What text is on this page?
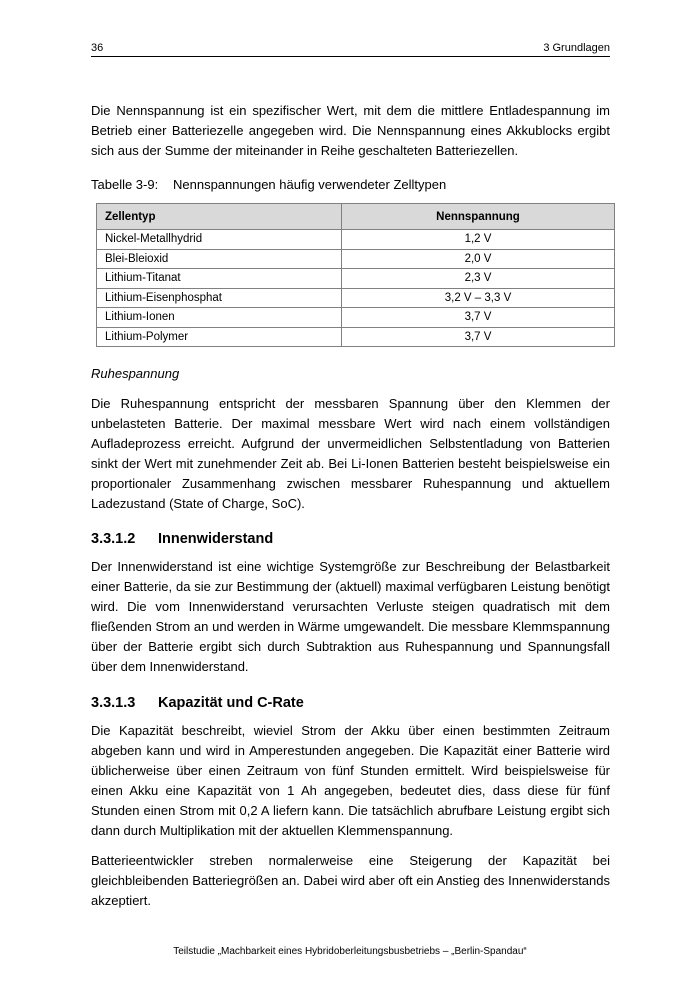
36	3 Grundlagen

Die Nennspannung ist ein spezifischer Wert, mit dem die mittlere Entladespannung im Betrieb einer Batteriezelle angegeben wird. Die Nennspannung eines Akkublocks ergibt sich aus der Summe der miteinander in Reihe geschalteten Batteriezellen.

Tabelle 3-9: Nennspannungen häufig verwendeter Zelltypen
Zellentyp	Nennspannung
Nickel-Metallhydrid	1,2 V
Blei-Bleioxid	2,0 V
Lithium-Titanat	2,3 V
Lithium-Eisenphosphat	3,2 V – 3,3 V
Lithium-Ionen	3,7 V
Lithium-Polymer	3,7 V
Ruhespannung

Die Ruhespannung entspricht der messbaren Spannung über den Klemmen der unbelasteten Batterie. Der maximal messbare Wert wird nach einem vollständigen Aufladeprozess erreicht. Aufgrund der unvermeidlichen Selbstentladung von Batterien sinkt der Wert mit zunehmender Zeit ab. Bei Li-Ionen Batterien besteht beispielsweise ein proportionaler Zusammenhang zwischen messbarer Ruhespannung und aktuellem Ladezustand (State of Charge, SoC).

3.3.1.2	Innenwiderstand

Der Innenwiderstand ist eine wichtige Systemgröße zur Beschreibung der Belastbarkeit einer Batterie, da sie zur Bestimmung der (aktuell) maximal verfügbaren Leistung benötigt wird. Die vom Innenwiderstand verursachten Verluste steigen quadratisch mit dem fließenden Strom an und werden in Wärme umgewandelt. Die messbare Klemmspannung über der Batterie ergibt sich durch Subtraktion aus Ruhespannung und Spannungsfall über dem Innenwiderstand.

3.3.1.3	Kapazität und C-Rate

Die Kapazität beschreibt, wieviel Strom der Akku über einen bestimmten Zeitraum abgeben kann und wird in Amperestunden angegeben. Die Kapazität einer Batterie wird üblicherweise über einen Zeitraum von fünf Stunden ermittelt. Wird beispielsweise für einen Akku eine Kapazität von 1 Ah angegeben, bedeutet dies, dass diese für fünf Stunden einen Strom mit 0,2 A liefern kann. Die tatsächlich abrufbare Leistung ergibt sich dann durch Multiplikation mit der aktuellen Klemmenspannung.

Batterieentwickler streben normalerweise eine Steigerung der Kapazität bei gleichbleibenden Batteriegrößen an. Dabei wird aber oft ein Anstieg des Innenwiderstands akzeptiert.

Teilstudie „Machbarkeit eines Hybridoberleitungsbusbetriebs – „Berlin-Spandau“
